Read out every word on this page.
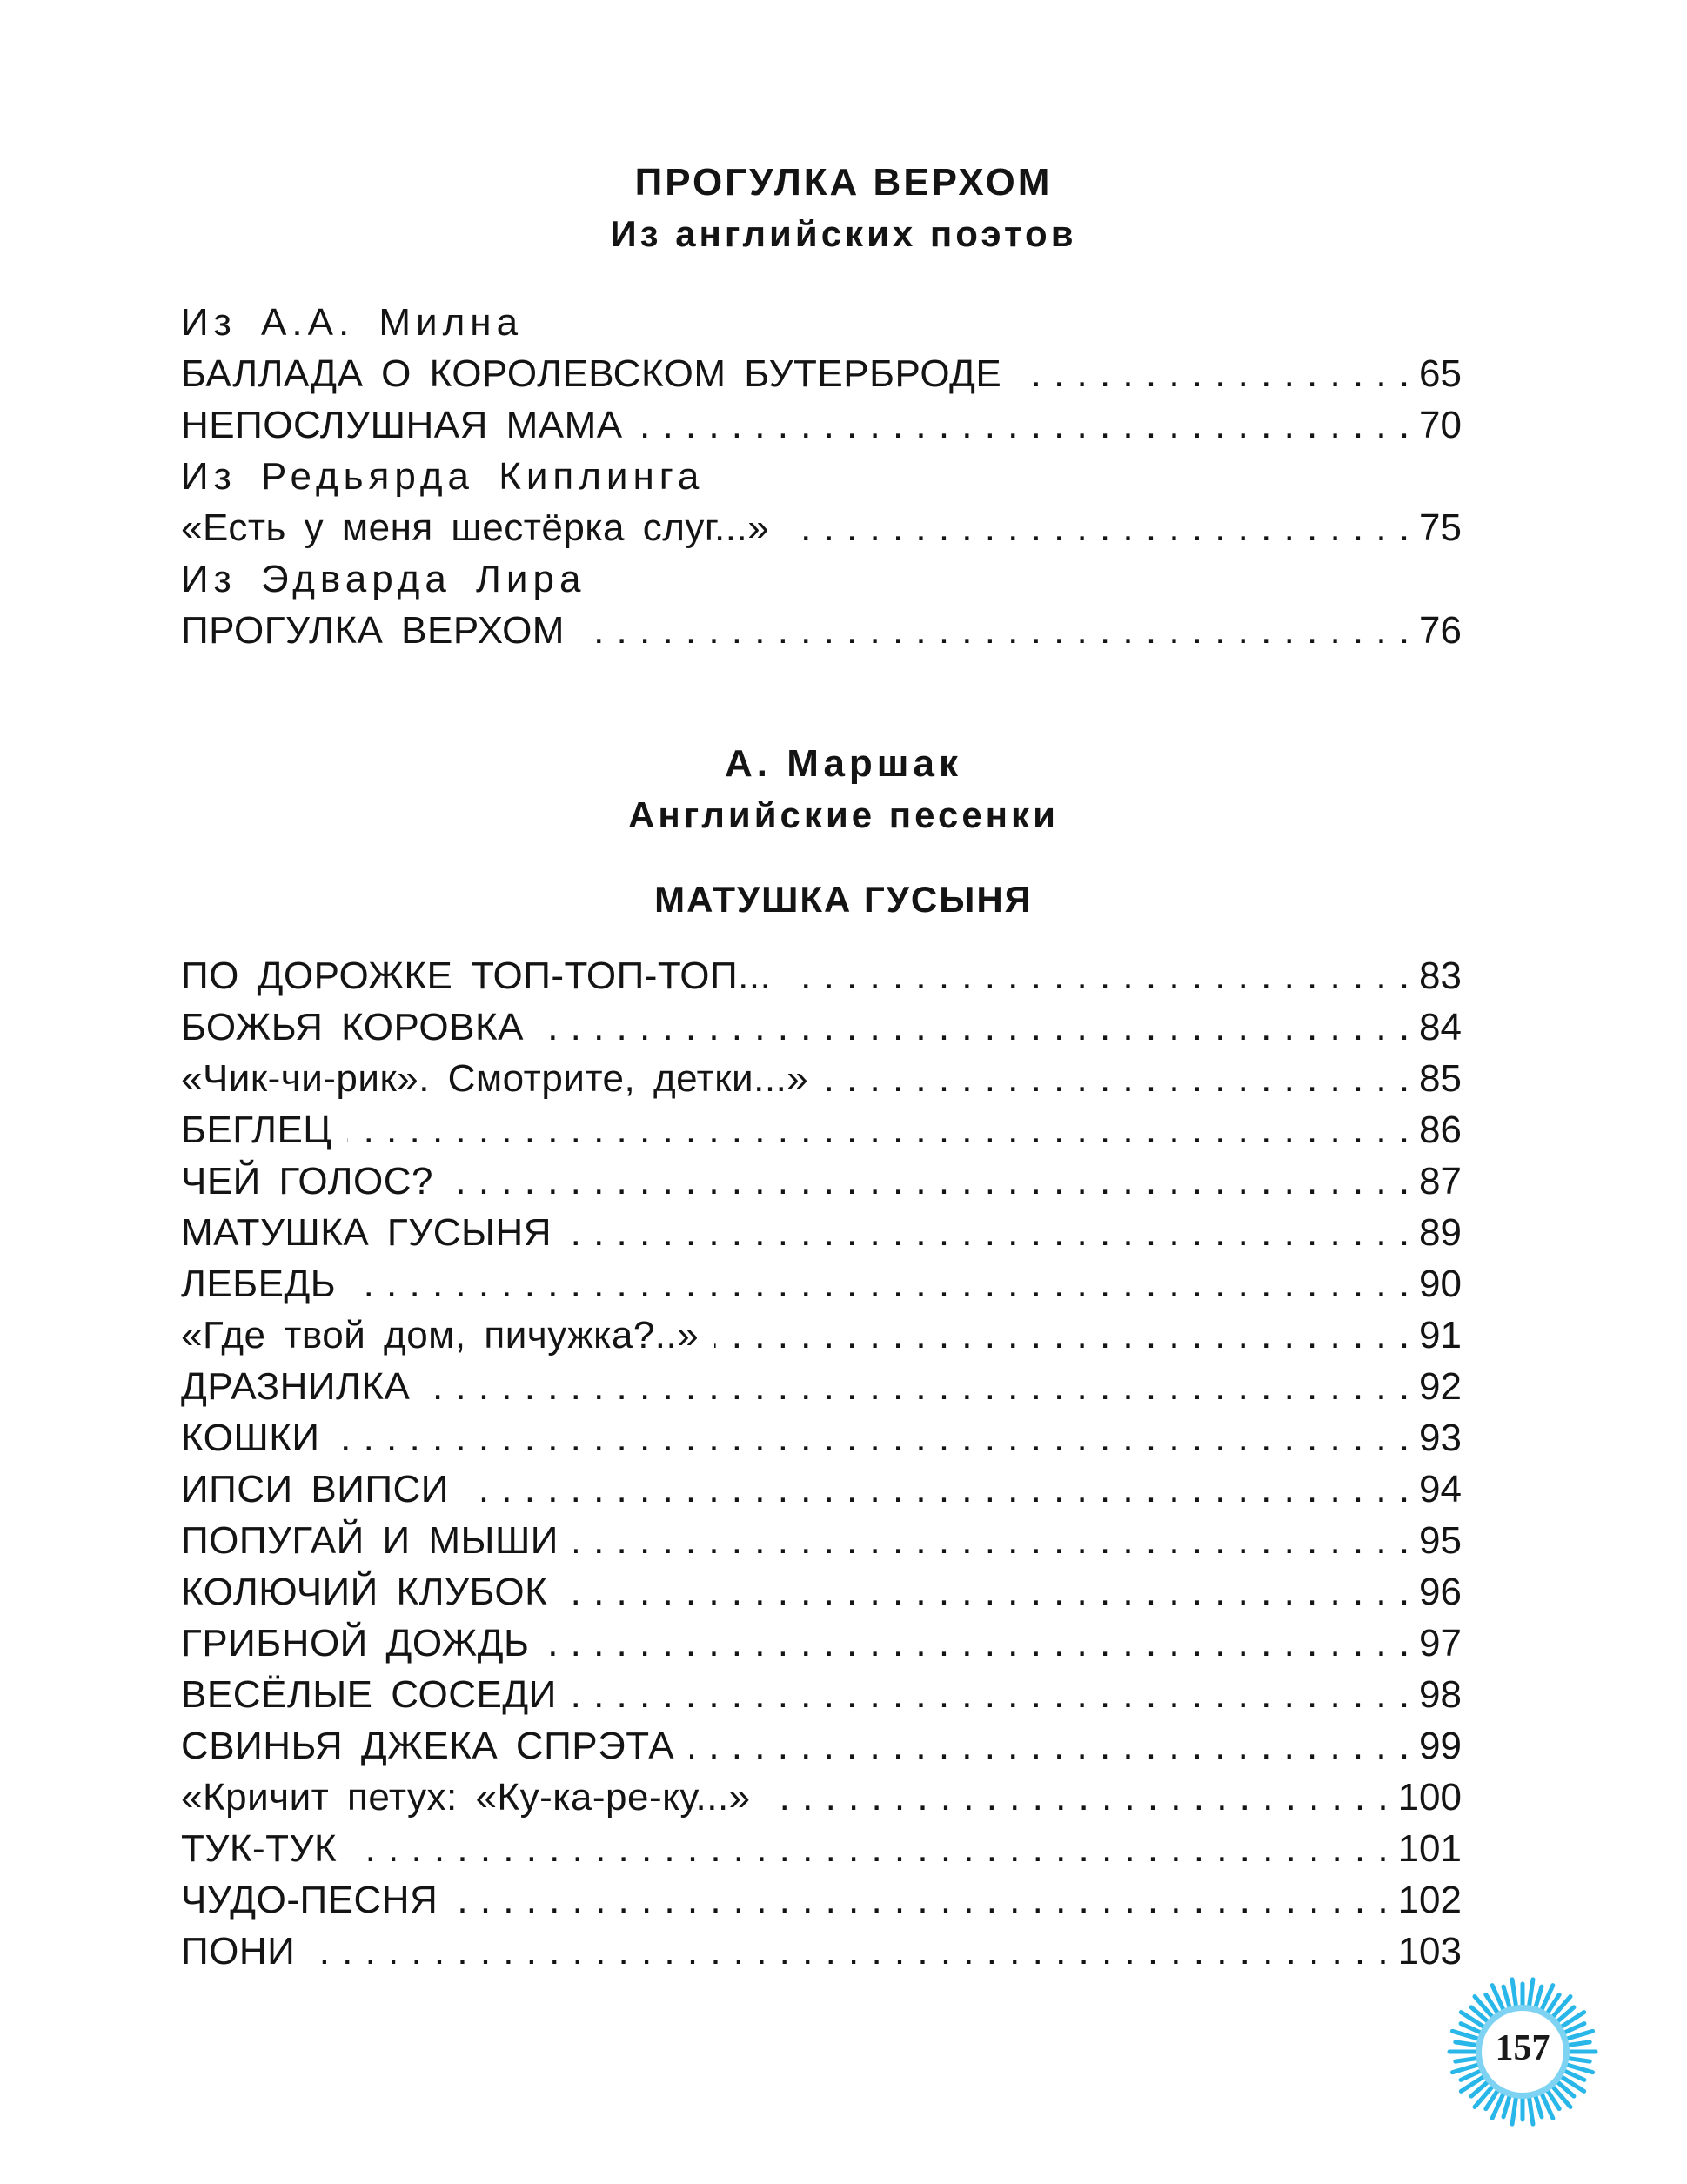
ПРОГУЛКА ВЕРХОМ
Из английских поэтов
Из А.А. Милна
БАЛЛАДА О КОРОЛЕВСКОМ БУТЕРБРОДЕ . . .	65
НЕПОСЛУШНАЯ МАМА . . .	70
Из Редьярда Киплинга
«Есть у меня шестёрка слуг...» . . .	75
Из Эдварда Лира
ПРОГУЛКА ВЕРХОМ . . .	76
А. Маршак
Английские песенки
МАТУШКА ГУСЫНЯ
ПО ДОРОЖКЕ ТОП-ТОП-ТОП... . . .	83
БОЖЬЯ КОРОВКА . . .	84
«Чик-чи-рик». Смотрите, детки...» . . .	85
БЕГЛЕЦ . . .	86
ЧЕЙ ГОЛОС? . . .	87
МАТУШКА ГУСЫНЯ . . .	89
ЛЕБЕДЬ . . .	90
«Где твой дом, пичужка?..» . . .	91
ДРАЗНИЛКА . . .	92
КОШКИ . . .	93
ИПСИ ВИПСИ . . .	94
ПОПУГАЙ И МЫШИ . . .	95
КОЛЮЧИЙ КЛУБОК . . .	96
ГРИБНОЙ ДОЖДЬ . . .	97
ВЕСЁЛЫЕ СОСЕДИ . . .	98
СВИНЬЯ ДЖЕКА СПРЭТА . . .	99
«Кричит петух: «Ку-ка-ре-ку...» . . .	100
ТУК-ТУК . . .	101
ЧУДО-ПЕСНЯ . . .	102
ПОНИ . . .	103
157
